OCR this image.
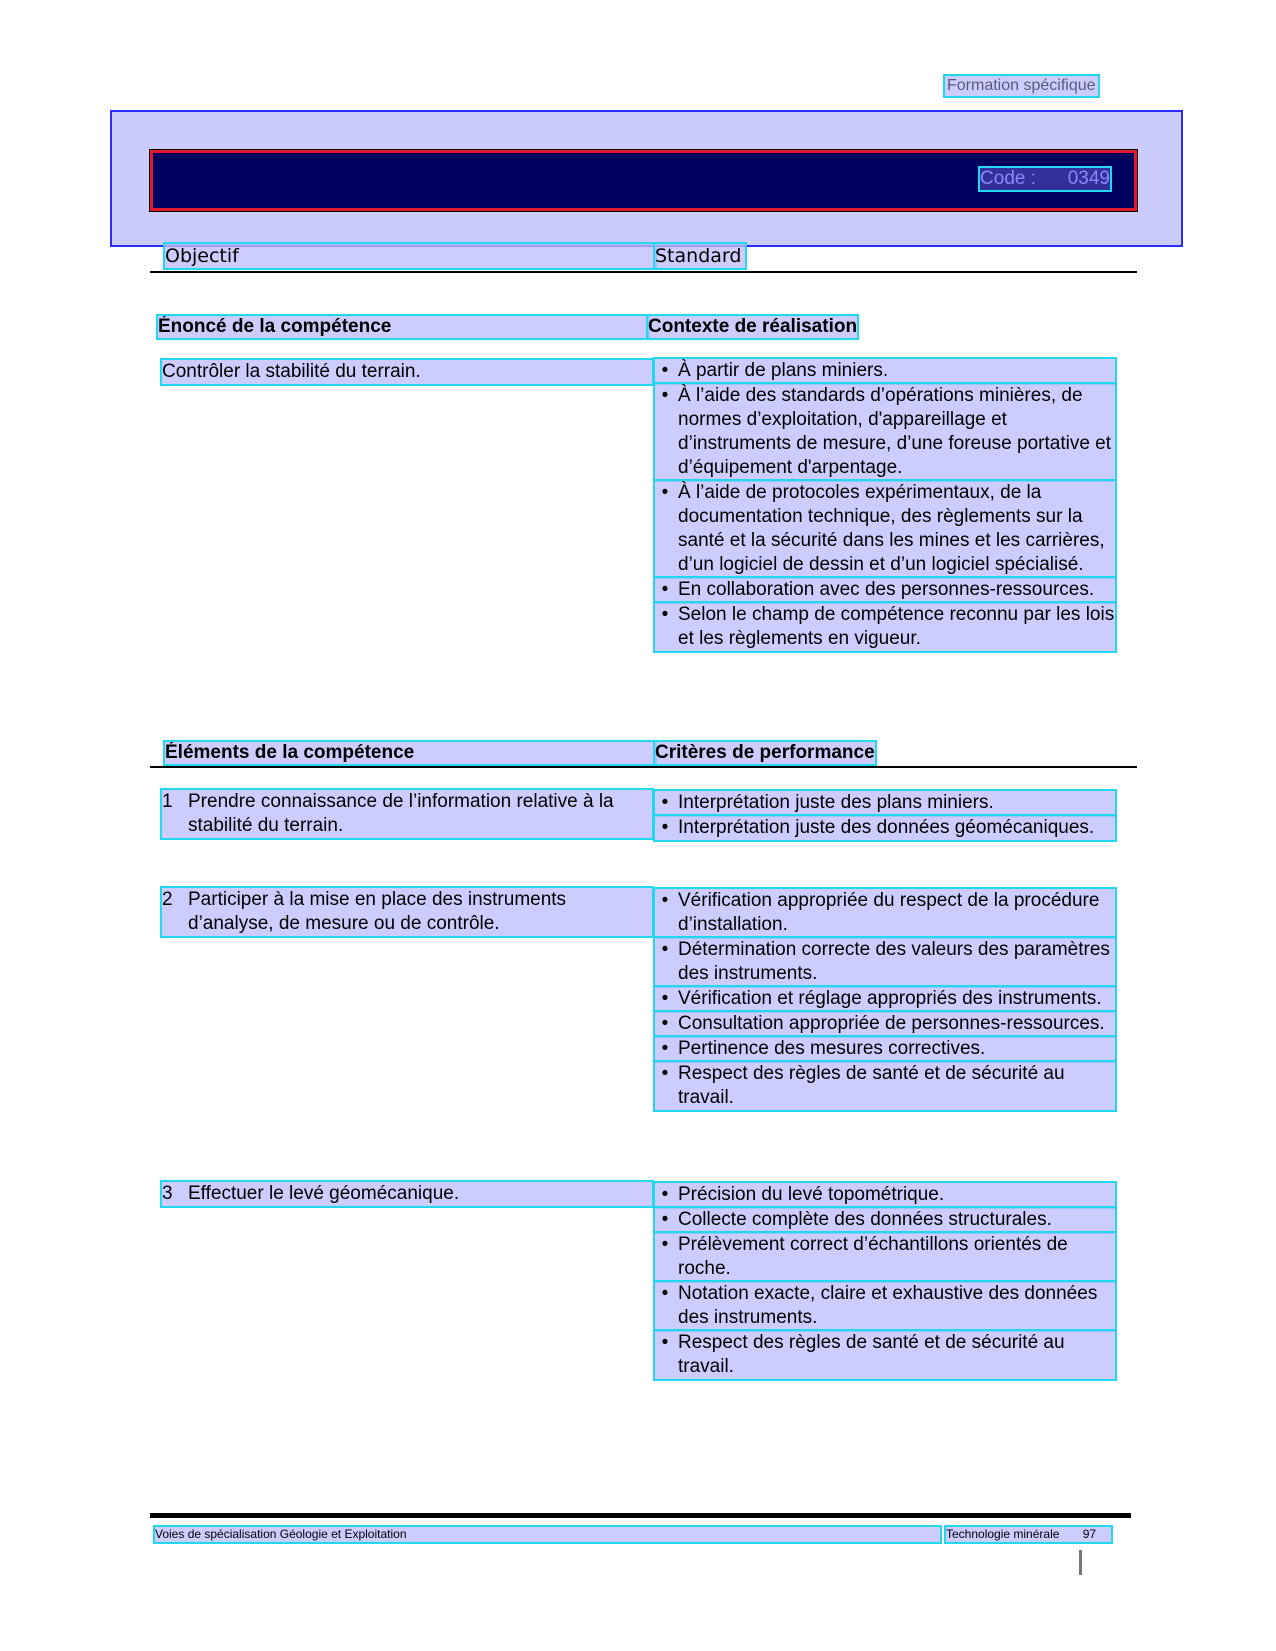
Formation spécifique
Code : 0349
Objectif	Standard
Énoncé de la compétence	Contexte de réalisation
Contrôler la stabilité du terrain.	• À partir de plans miniers.
• À l’aide des standards d’opérations minières, de normes d’exploitation, d'appareillage et d’instruments de mesure, d’une foreuse portative et d’équipement d'arpentage.
• À l’aide de protocoles expérimentaux, de la documentation technique, des règlements sur la santé et la sécurité dans les mines et les carrières, d’un logiciel de dessin et d’un logiciel spécialisé.
• En collaboration avec des personnes-ressources.
• Selon le champ de compétence reconnu par les lois et les règlements en vigueur.
Éléments de la compétence	Critères de performance
1 Prendre connaissance de l’information relative à la stabilité du terrain.
• Interprétation juste des plans miniers.
• Interprétation juste des données géomécaniques.
2 Participer à la mise en place des instruments d’analyse, de mesure ou de contrôle.
• Vérification appropriée du respect de la procédure d’installation.
• Détermination correcte des valeurs des paramètres des instruments.
• Vérification et réglage appropriés des instruments.
• Consultation appropriée de personnes-ressources.
• Pertinence des mesures correctives.
• Respect des règles de santé et de sécurité au travail.
3 Effectuer le levé géomécanique.	• Précision du levé topométrique.
• Collecte complète des données structurales.
• Prélèvement correct d’échantillons orientés de roche.
• Notation exacte, claire et exhaustive des données des instruments.
• Respect des règles de santé et de sécurité au travail.
Voies de spécialisation Géologie et Exploitation	Technologie minérale 97
